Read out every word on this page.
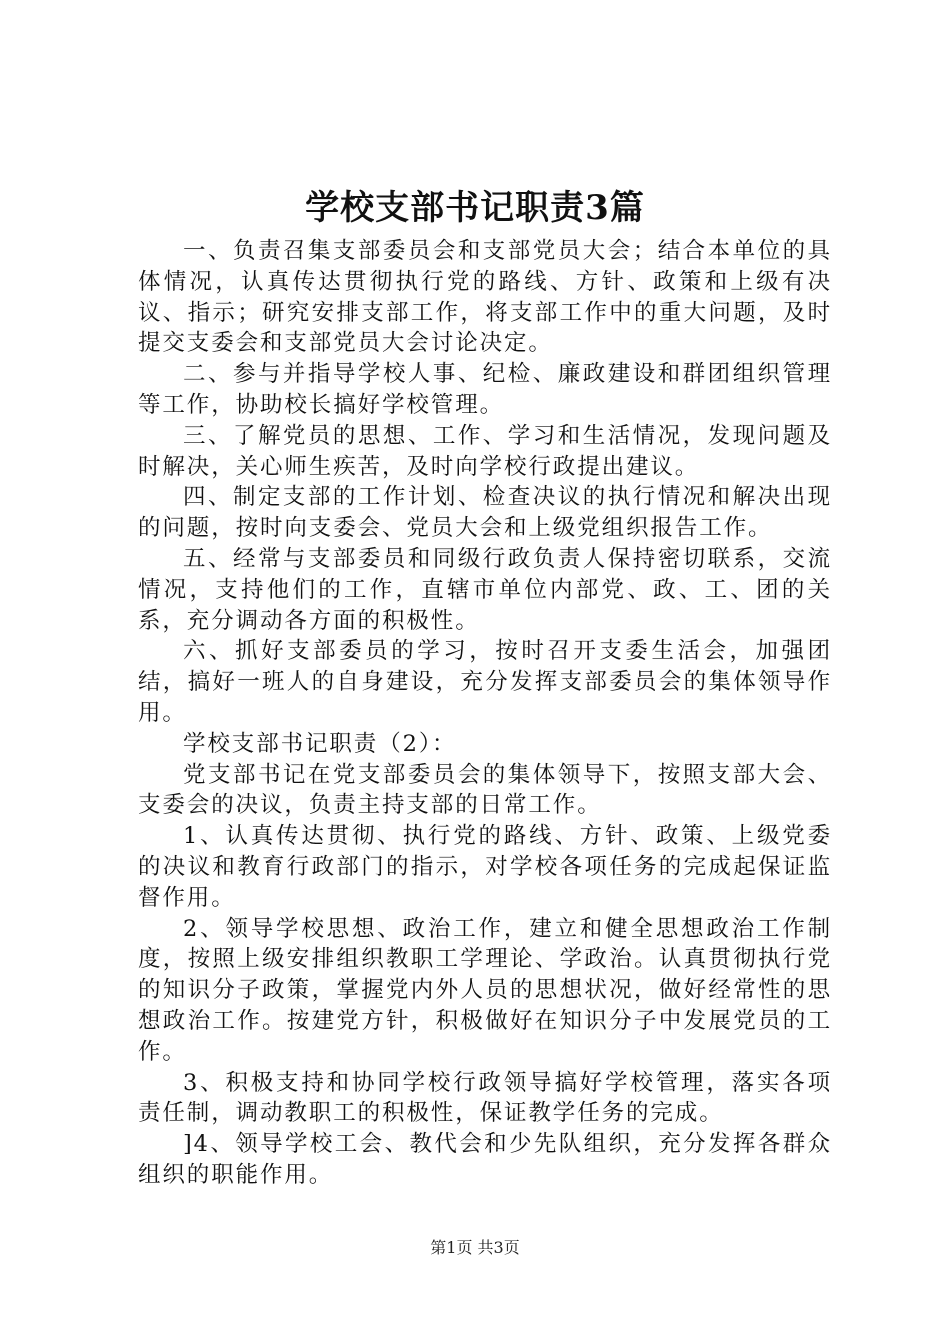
学校支部书记职责3篇

一、负责召集支部委员会和支部党员大会；结合本单位的具体情况，认真传达贯彻执行党的路线、方针、政策和上级有决议、指示；研究安排支部工作，将支部工作中的重大问题，及时提交支委会和支部党员大会讨论决定。

二、参与并指导学校人事、纪检、廉政建设和群团组织管理等工作，协助校长搞好学校管理。

三、了解党员的思想、工作、学习和生活情况，发现问题及时解决，关心师生疾苦，及时向学校行政提出建议。

四、制定支部的工作计划、检查决议的执行情况和解决出现的问题，按时向支委会、党员大会和上级党组织报告工作。

五、经常与支部委员和同级行政负责人保持密切联系，交流情况，支持他们的工作，直辖市单位内部党、政、工、团的关系，充分调动各方面的积极性。

六、抓好支部委员的学习，按时召开支委生活会，加强团结，搞好一班人的自身建设，充分发挥支部委员会的集体领导作用。

学校支部书记职责（2）：

党支部书记在党支部委员会的集体领导下，按照支部大会、支委会的决议，负责主持支部的日常工作。

1、认真传达贯彻、执行党的路线、方针、政策、上级党委的决议和教育行政部门的指示，对学校各项任务的完成起保证监督作用。

2、领导学校思想、政治工作，建立和健全思想政治工作制度，按照上级安排组织教职工学理论、学政治。认真贯彻执行党的知识分子政策，掌握党内外人员的思想状况，做好经常性的思想政治工作。按建党方针，积极做好在知识分子中发展党员的工作。

3、积极支持和协同学校行政领导搞好学校管理，落实各项责任制，调动教职工的积极性，保证教学任务的完成。

]4、领导学校工会、教代会和少先队组织，充分发挥各群众组织的职能作用。

第1页 共3页
